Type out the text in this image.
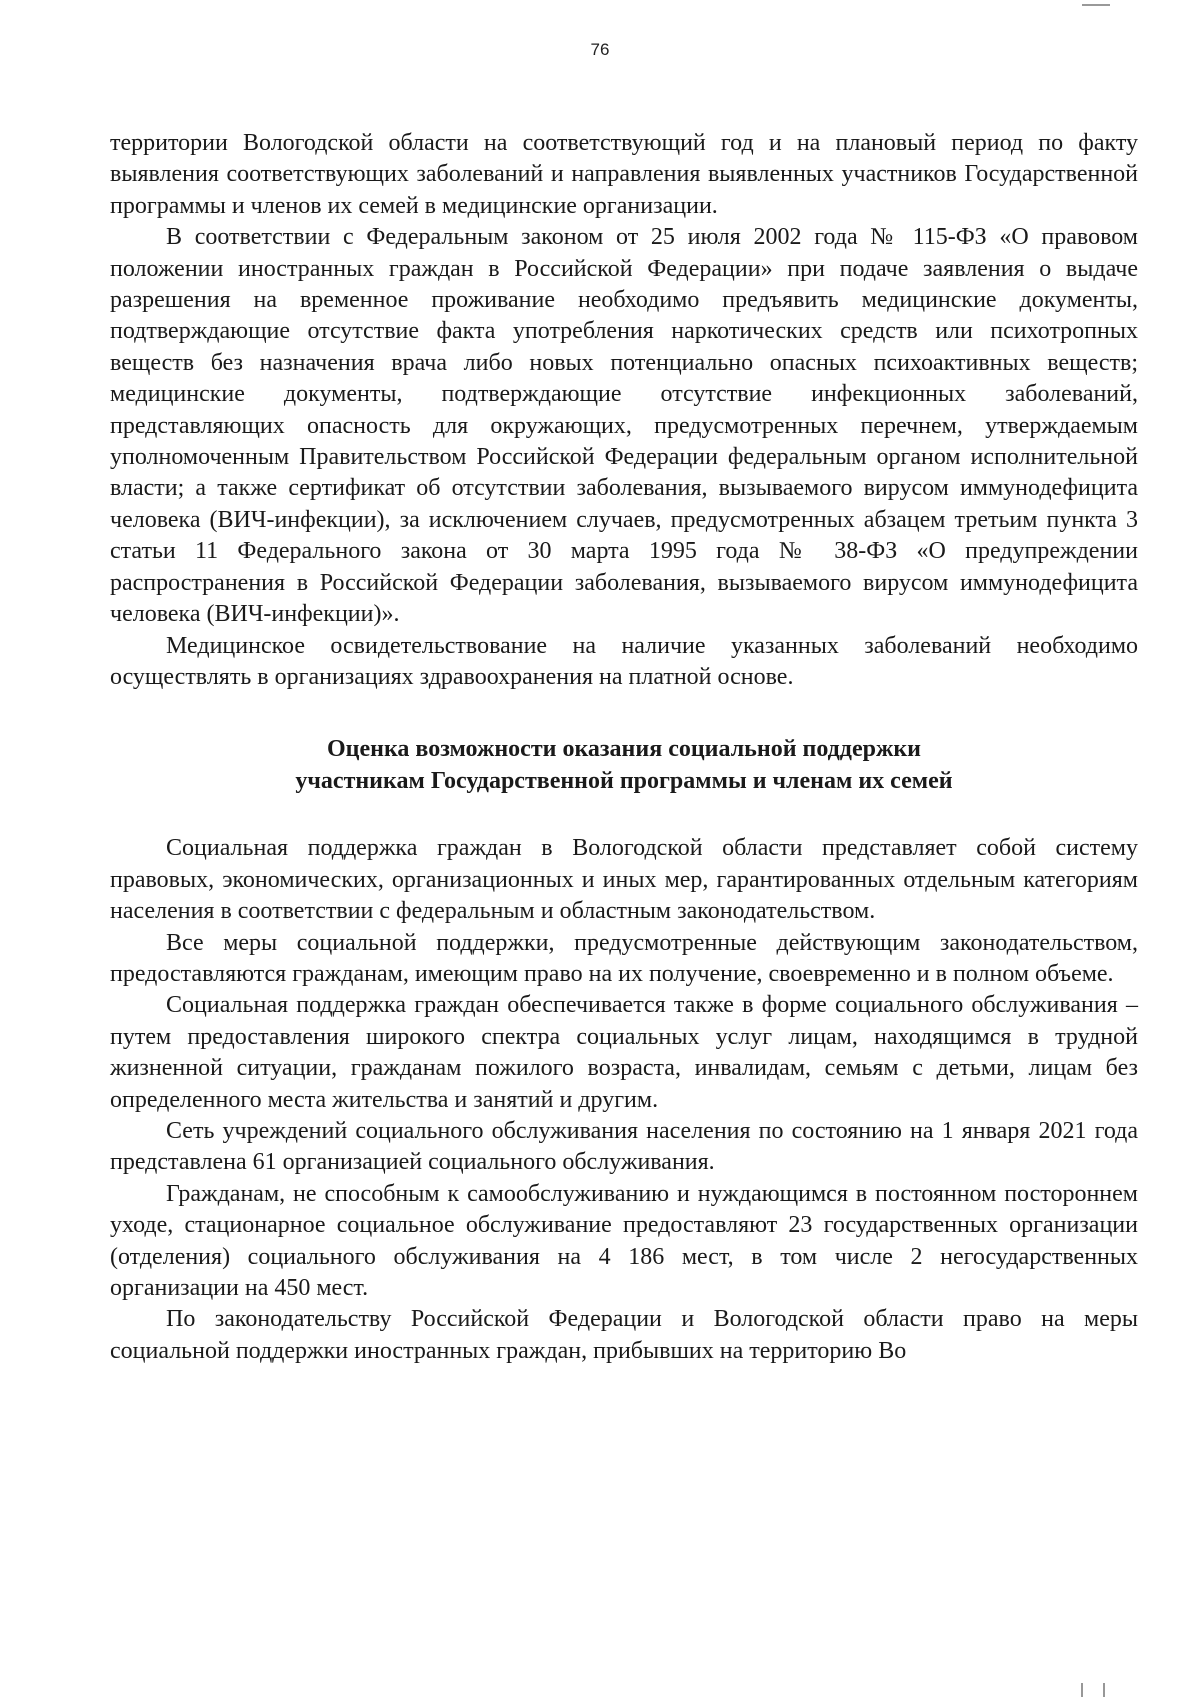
76

территории Вологодской области на соответствующий год и на плановый период по факту выявления соответствующих заболеваний и направления выявленных участников Государственной программы и членов их семей в медицинские организации.

В соответствии с Федеральным законом от 25 июля 2002 года № 115-ФЗ «О правовом положении иностранных граждан в Российской Федерации» при подаче заявления о выдаче разрешения на временное проживание необходимо предъявить медицинские документы, подтверждающие отсутствие факта употребления наркотических средств или психотропных веществ без назначения врача либо новых потенциально опасных психоактивных веществ; медицинские документы, подтверждающие отсутствие инфекционных заболеваний, представляющих опасность для окружающих, предусмотренных перечнем, утверждаемым уполномоченным Правительством Российской Федерации федеральным органом исполнительной власти; а также сертификат об отсутствии заболевания, вызываемого вирусом иммунодефицита человека (ВИЧ-инфекции), за исключением случаев, предусмотренных абзацем третьим пункта 3 статьи 11 Федерального закона от 30 марта 1995 года № 38-ФЗ «О предупреждении распространения в Российской Федерации заболевания, вызываемого вирусом иммунодефицита человека (ВИЧ-инфекции)».

Медицинское освидетельствование на наличие указанных заболеваний необходимо осуществлять в организациях здравоохранения на платной основе.

Оценка возможности оказания социальной поддержки
участникам Государственной программы и членам их семей

Социальная поддержка граждан в Вологодской области представляет собой систему правовых, экономических, организационных и иных мер, гарантированных отдельным категориям населения в соответствии с федеральным и областным законодательством.

Все меры социальной поддержки, предусмотренные действующим законодательством, предоставляются гражданам, имеющим право на их получение, своевременно и в полном объеме.

Социальная поддержка граждан обеспечивается также в форме социального обслуживания – путем предоставления широкого спектра социальных услуг лицам, находящимся в трудной жизненной ситуации, гражданам пожилого возраста, инвалидам, семьям с детьми, лицам без определенного места жительства и занятий и другим.

Сеть учреждений социального обслуживания населения по состоянию на 1 января 2021 года представлена 61 организацией социального обслуживания.

Гражданам, не способным к самообслуживанию и нуждающимся в постоянном постороннем уходе, стационарное социальное обслуживание предоставляют 23 государственных организации (отделения) социального обслуживания на 4 186 мест, в том числе 2 негосударственных организации на 450 мест.

По законодательству Российской Федерации и Вологодской области право на меры социальной поддержки иностранных граждан, прибывших на территорию Во
